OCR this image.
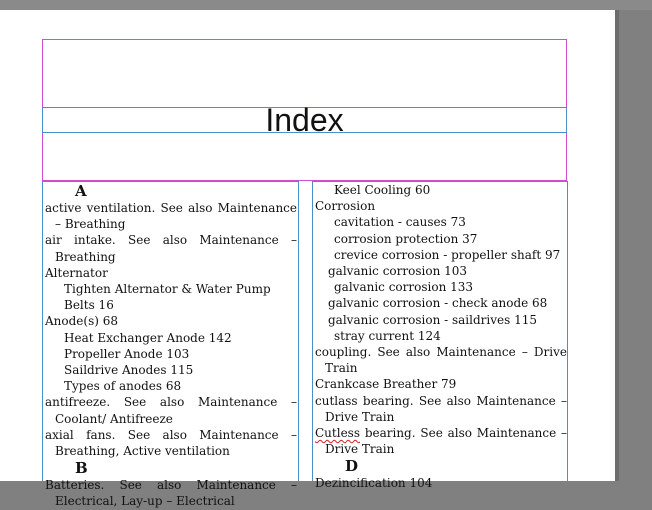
Index
A
active ventilation. See also Maintenance – Breathing
air intake. See also Maintenance – Breathing
Alternator
Tighten Alternator & Water Pump Belts 16
Anode(s) 68
Heat Exchanger Anode 142
Propeller Anode 103
Saildrive Anodes 115
Types of anodes 68
antifreeze. See also Maintenance – Coolant/ Antifreeze
axial fans. See also Maintenance – Breathing, Active ventilation
B
Batteries. See also Maintenance – Electrical, Lay-up – Electrical
Keel Cooling 60
Corrosion
cavitation - causes 73
corrosion protection 37
crevice corrosion - propeller shaft 97
galvanic corrosion 103
galvanic corrosion 133
galvanic corrosion - check anode 68
galvanic corrosion - saildrives 115
stray current 124
coupling. See also Maintenance – Drive Train
Crankcase Breather 79
cutlass bearing. See also Maintenance – Drive Train
Cutless bearing. See also Maintenance – Drive Train
D
Dezincification 104
